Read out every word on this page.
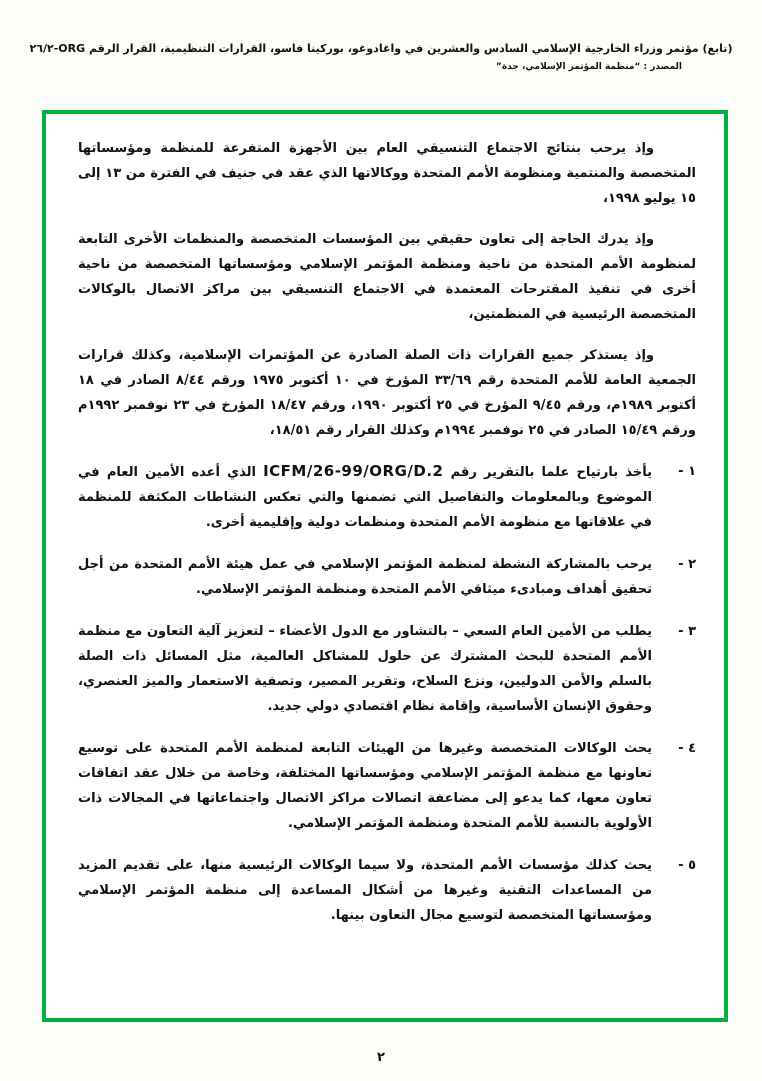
(تابع) مؤتمر وزراء الخارجية الإسلامي السادس والعشرين في واغادوغو، بوركينا فاسو، القرارات التنظيمية، القرار الرقم ORG-٢٦/٢
المصدر : “منظمة المؤتمر الإسلامي، جدة”

وإذ يرحب بنتائج الاجتماع التنسيقي العام بين الأجهزة المتفرعة للمنظمة ومؤسساتها المتخصصة والمنتمية ومنظومة الأمم المتحدة ووكالاتها الذي عقد في جنيف في الفترة من ١٣ إلى ١٥ يوليو ١٩٩٨،

وإذ يدرك الحاجة إلى تعاون حقيقي بين المؤسسات المتخصصة والمنظمات الأخرى التابعة لمنظومة الأمم المتحدة من ناحية ومنظمة المؤتمر الإسلامي ومؤسساتها المتخصصة من ناحية أخرى في تنفيذ المقترحات المعتمدة في الاجتماع التنسيقي بين مراكز الاتصال بالوكالات المتخصصة الرئيسية في المنظمتين،

وإذ يستذكر جميع القرارات ذات الصلة الصادرة عن المؤتمرات الإسلامية، وكذلك قرارات الجمعية العامة للأمم المتحدة رقم ٣٣/٦٩ المؤرخ في ١٠ أكتوبر ١٩٧٥ ورقم ٨/٤٤ الصادر في ١٨ أكتوبر ١٩٨٩م، ورقم ٩/٤٥ المؤرخ في ٢٥ أكتوبر ١٩٩٠، ورقم ١٨/٤٧ المؤرخ في ٢٣ نوفمبر ١٩٩٢م ورقم ١٥/٤٩ الصادر في ٢٥ نوفمبر ١٩٩٤م وكذلك القرار رقم ١٨/٥١،

١ -

يأخذ بارتياح علما بالتقرير رقم ICFM/26-99/ORG/D.2 الذي أعده الأمين العام في الموضوع وبالمعلومات والتفاصيل التي تضمنها والتي تعكس النشاطات المكثفة للمنظمة في علاقاتها مع منظومة الأمم المتحدة ومنظمات دولية وإقليمية أخرى.

٢ -

يرحب بالمشاركة النشطة لمنظمة المؤتمر الإسلامي في عمل هيئة الأمم المتحدة من أجل تحقيق أهداف ومبادىء ميثاقي الأمم المتحدة ومنظمة المؤتمر الإسلامي.

٣ -

يطلب من الأمين العام السعي – بالتشاور مع الدول الأعضاء – لتعزيز آلية التعاون مع منظمة الأمم المتحدة للبحث المشترك عن حلول للمشاكل العالمية، مثل المسائل ذات الصلة بالسلم والأمن الدوليين، ونزع السلاح، وتقرير المصير، وتصفية الاستعمار والميز العنصري، وحقوق الإنسان الأساسية، وإقامة نظام اقتصادي دولي جديد.

٤ -

يحث الوكالات المتخصصة وغيرها من الهيئات التابعة لمنظمة الأمم المتحدة على توسيع تعاونها مع منظمة المؤتمر الإسلامي ومؤسساتها المختلفة، وخاصة من خلال عقد اتفاقات تعاون معها، كما يدعو إلى مضاعفة اتصالات مراكز الاتصال واجتماعاتها في المجالات ذات الأولوية بالنسبة للأمم المتحدة ومنظمة المؤتمر الإسلامي.

٥ -

يحث كذلك مؤسسات الأمم المتحدة، ولا سيما الوكالات الرئيسية منها، على تقديم المزيد من المساعدات التقنية وغيرها من أشكال المساعدة إلى منظمة المؤتمر الإسلامي ومؤسساتها المتخصصة لتوسيع مجال التعاون بينها.

٢
